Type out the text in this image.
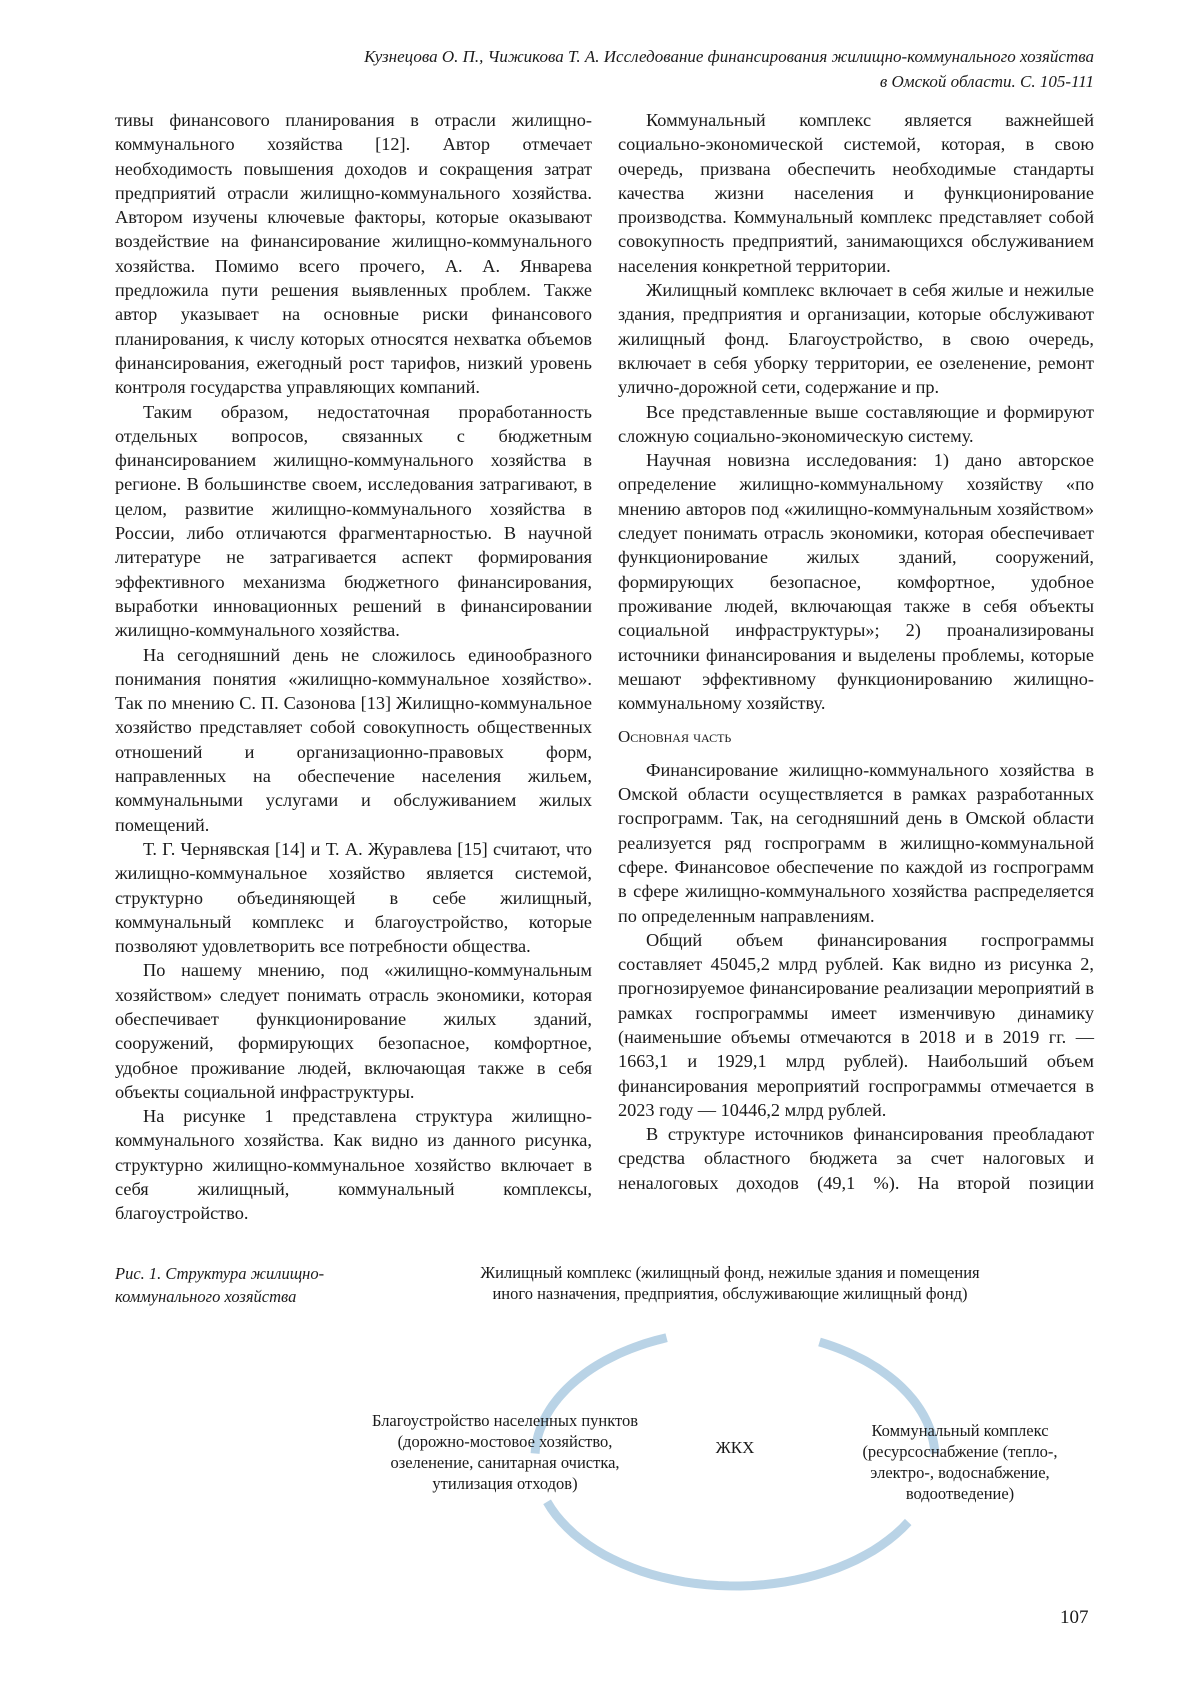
Кузнецова О. П., Чижикова Т. А. Исследование финансирования жилищно-коммунального хозяйства
в Омской области. С. 105-111

тивы финансового планирования в отрасли жилищ­но-коммунального хозяйства [12]. Автор отмечает необходимость повышения доходов и сокращения затрат предприятий отрасли жилищно-коммунального хозяйства. Автором изучены ключевые факторы, которые оказывают воздействие на финансирование жилищ­но-коммунального хозяйства. Помимо всего прочего, А. А. Январева предложила пути решения выявленных проблем. Также автор указывает на основные риски финансового планирования, к числу которых относятся нехватка объемов финансирования, ежегодный рост тарифов, низкий уровень контроля государства управляющих компаний.

Таким образом, недостаточная проработанность отдельных вопросов, связанных с бюджетным финансированием жилищно-коммунального хозяйства в регионе. В большинстве своем, исследования затрагивают, в целом, развитие жилищно-коммунального хозяйства в России, либо отличаются фрагментарностью. В научной литературе не затрагивается аспект формирования эффективного механизма бюджетного финансирования, выработки инновационных решений в финансировании жилищно-коммунального хозяйства.

На сегодняшний день не сложилось единообразного понимания понятия «жилищно-коммунальное хозяйство». Так по мнению С. П. Сазонова [13] Жилищно-коммунальное хозяйство представляет собой совокупность общественных отношений и организационно-правовых форм, направленных на обеспечение населения жильем, коммунальными услугами и обслуживанием жилых помещений.

Т. Г. Чернявская [14] и Т. А. Журавлева [15] считают, что жилищно-коммунальное хозяйство является системой, структурно объединяющей в себе жилищный, коммунальный комплекс и благоустройство, которые позволяют удовлетворить все потребности общества.

По нашему мнению, под «жилищно-коммунальным хозяйством» следует понимать отрасль экономики, которая обеспечивает функционирование жилых зданий, сооружений, формирующих безопасное, комфортное, удобное проживание людей, включающая также в себя объекты социальной инфраструктуры.

На рисунке 1 представлена структура жилищ­но-коммунального хозяйства. Как видно из данного рисунка, структурно жилищно-коммунальное хозяйство включает в себя жилищный, коммунальный комплексы, благоустройство.

Коммунальный комплекс является важнейшей социально-экономической системой, которая, в свою очередь, призвана обеспечить необходимые стандарты качества жизни населения и функционирование производства. Коммунальный комплекс представляет собой совокупность предприятий, занимающихся обслуживанием населения конкретной территории.

Жилищный комплекс включает в себя жилые и нежилые здания, предприятия и организации, которые обслуживают жилищный фонд. Благоустройство, в свою очередь, включает в себя уборку территории, ее озеленение, ремонт улично-дорожной сети, содержание и пр.

Все представленные выше составляющие и формируют сложную социально-экономическую систему.

Научная новизна исследования: 1) дано авторское определение жилищно-коммунальному хозяйству «по мнению авторов под «жилищно-коммунальным хозяйством» следует понимать отрасль экономики, которая обеспечивает функционирование жилых зданий, сооружений, формирующих безопасное, комфортное, удобное проживание людей, включающая также в себя объекты социальной инфраструктуры»; 2) проанализированы источники финансирования и выделены проблемы, которые мешают эффективному функционированию жилищно-коммунальному хозяйству.

Основная часть

Финансирование жилищно-коммунального хозяйства в Омской области осуществляется в рамках разработанных госпрограмм. Так, на сегодняшний день в Омской области реализуется ряд госпрограмм в жилищно-коммунальной сфере. Финансовое обеспечение по каждой из госпрограмм в сфере жилищно-коммунального хозяйства распределяется по определенным направлениям.

Общий объем финансирования госпрограммы составляет 45045,2 млрд рублей. Как видно из рисунка 2, прогнозируемое финансирование реализации мероприятий в рамках госпрограммы имеет изменчивую динамику (наименьшие объемы отмечаются в 2018 и в 2019 гг. — 1663,1 и 1929,1 млрд рублей). Наибольший объем финансирования мероприятий госпрограммы отмечается в 2023 году — 10446,2 млрд рублей.

В структуре источников финансирования преобладают средства областного бюджета за счет налоговых и неналоговых доходов (49,1 %). На второй позиции

Рис. 1. Структура жилищ­но-коммунального хозяйства
Жилищный комплекс (жилищный фонд, нежилые здания и помещения иного назначения, предприятия, обслуживающие жилищный фонд)
Благоустройство населенных пунктов (дорожно-мостовое хозяйство, озеленение, санитарная очистка, утилизация отходов)
ЖКХ
Коммунальный комплекс (ресурсоснабжение (тепло-, электро-, водоснабжение, водоотведение)
107
